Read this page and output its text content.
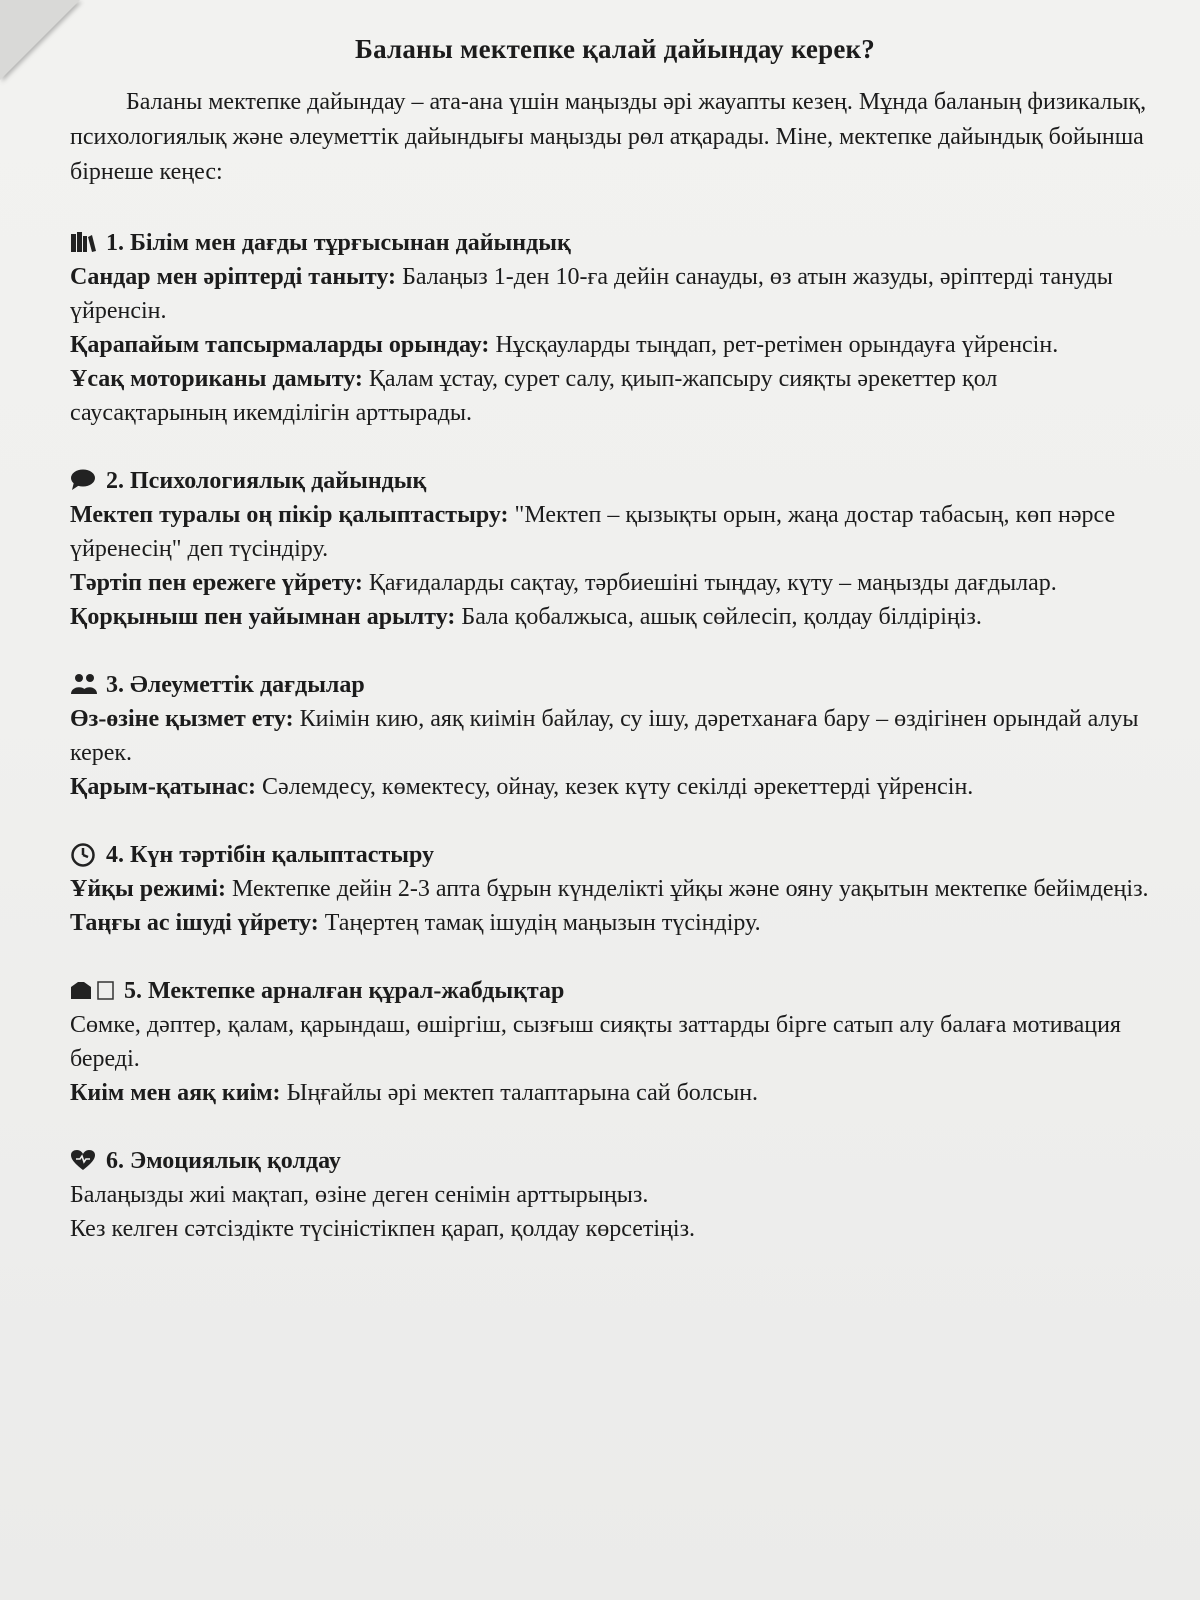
Баланы мектепке қалай дайындау керек?

Баланы мектепке дайындау – ата-ана үшін маңызды әрі жауапты кезең. Мұнда баланың физикалық, психологиялық және әлеуметтік дайындығы маңызды рөл атқарады. Міне, мектепке дайындық бойынша бірнеше кеңес:

1. Білім мен дағды тұрғысынан дайындық

Сандар мен әріптерді таныту: Балаңыз 1-ден 10-ға дейін санауды, өз атын жазуды, әріптерді тануды үйренсін.

Қарапайым тапсырмаларды орындау: Нұсқауларды тыңдап, рет-ретімен орындауға үйренсін.

Ұсақ моториканы дамыту: Қалам ұстау, сурет салу, қиып-жапсыру сияқты әрекеттер қол саусақтарының икемділігін арттырады.

2. Психологиялық дайындық

Мектеп туралы оң пікір қалыптастыру: "Мектеп – қызықты орын, жаңа достар табасың, көп нәрсе үйренесің" деп түсіндіру.

Тәртіп пен ережеге үйрету: Қағидаларды сақтау, тәрбиешіні тыңдау, күту – маңызды дағдылар.

Қорқыныш пен уайымнан арылту: Бала қобалжыса, ашық сөйлесіп, қолдау білдіріңіз.

3. Әлеуметтік дағдылар

Өз-өзіне қызмет ету: Киімін кию, аяқ киімін байлау, су ішу, дәретханаға бару – өздігінен орындай алуы керек.

Қарым-қатынас: Сәлемдесу, көмектесу, ойнау, кезек күту секілді әрекеттерді үйренсін.

4. Күн тәртібін қалыптастыру

Ұйқы режимі: Мектепке дейін 2-3 апта бұрын күнделікті ұйқы және ояну уақытын мектепке бейімдеңіз.

Таңғы ас ішуді үйрету: Таңертең тамақ ішудің маңызын түсіндіру.

5. Мектепке арналған құрал-жабдықтар

Сөмке, дәптер, қалам, қарындаш, өшіргіш, сызғыш сияқты заттарды бірге сатып алу балаға мотивация береді.

Киім мен аяқ киім: Ыңғайлы әрі мектеп талаптарына сай болсын.

6. Эмоциялық қолдау

Балаңызды жиі мақтап, өзіне деген сенімін арттырыңыз.

Кез келген сәтсіздікте түсіністікпен қарап, қолдау көрсетіңіз.
